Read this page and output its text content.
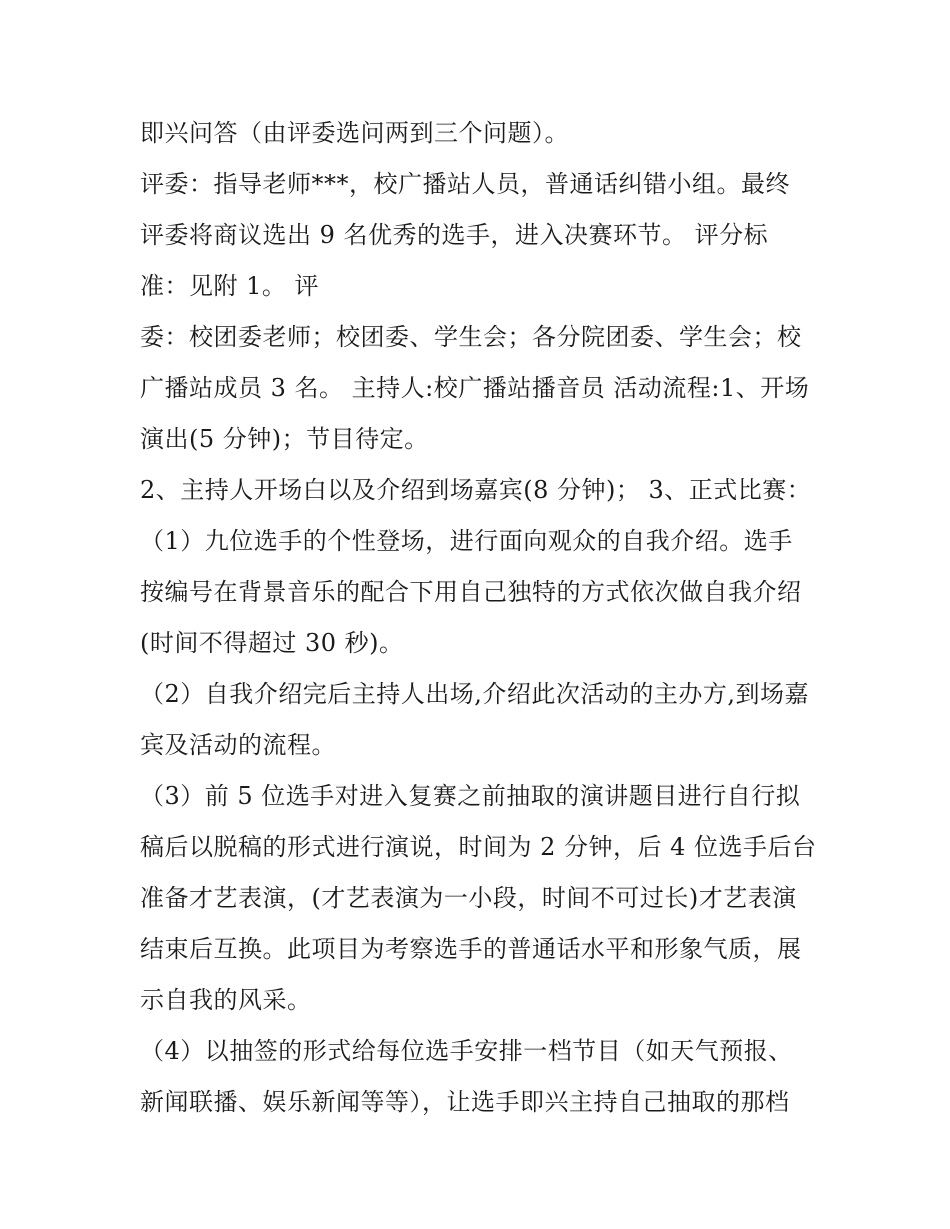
即兴问答（由评委选问两到三个问题）。
评委：指导老师***，校广播站人员，普通话纠错小组。最终
评委将商议选出 9 名优秀的选手，进入决赛环节。 评分标
准：见附 1。 评
委：校团委老师；校团委、学生会；各分院团委、学生会；校
广播站成员 3 名。 主持人:校广播站播音员 活动流程:1、开场
演出(5 分钟)；节目待定。
2、主持人开场白以及介绍到场嘉宾(8 分钟)； 3、正式比赛：
（1）九位选手的个性登场，进行面向观众的自我介绍。选手
按编号在背景音乐的配合下用自己独特的方式依次做自我介绍
(时间不得超过 30 秒)。
（2）自我介绍完后主持人出场,介绍此次活动的主办方,到场嘉
宾及活动的流程。
（3）前 5 位选手对进入复赛之前抽取的演讲题目进行自行拟
稿后以脱稿的形式进行演说，时间为 2 分钟，后 4 位选手后台
准备才艺表演，(才艺表演为一小段，时间不可过长)才艺表演
结束后互换。此项目为考察选手的普通话水平和形象气质，展
示自我的风采。
（4）以抽签的形式给每位选手安排一档节目（如天气预报、
新闻联播、娱乐新闻等等），让选手即兴主持自己抽取的那档
